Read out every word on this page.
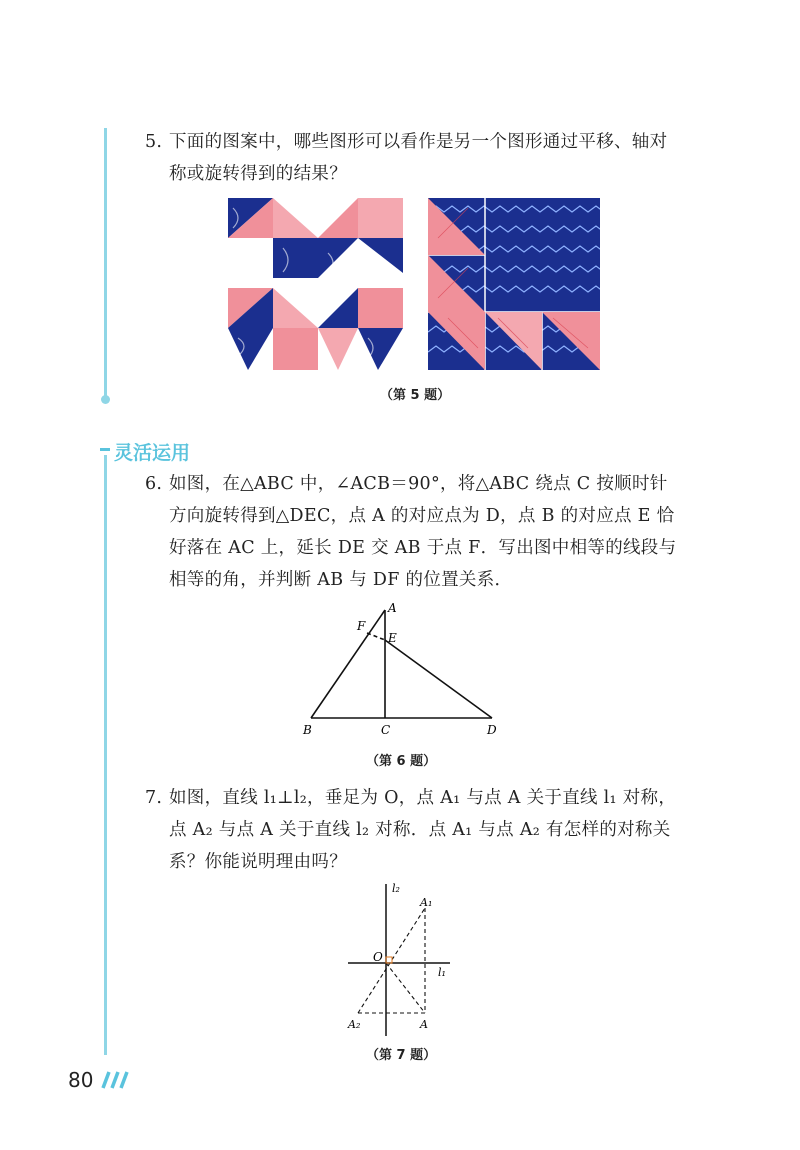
5. 下面的图案中，哪些图形可以看作是另一个图形通过平移、轴对称或旋转得到的结果？
（第 5 题）
灵活运用
6. 如图，在△ABC 中，∠ACB＝90°，将△ABC 绕点 C 按顺时针方向旋转得到△DEC，点 A 的对应点为 D，点 B 的对应点 E 恰好落在 AC 上，延长 DE 交 AB 于点 F．写出图中相等的线段与相等的角，并判断 AB 与 DF 的位置关系．
A
F
E
B	C	D
（第 6 题）
7. 如图，直线 l₁⊥l₂，垂足为 O，点 A₁ 与点 A 关于直线 l₁ 对称，点 A₂ 与点 A 关于直线 l₂ 对称．点 A₁ 与点 A₂ 有怎样的对称关系？你能说明理由吗？
l₂
A₁
O
l₁
A₂	A
（第 7 题）
80
